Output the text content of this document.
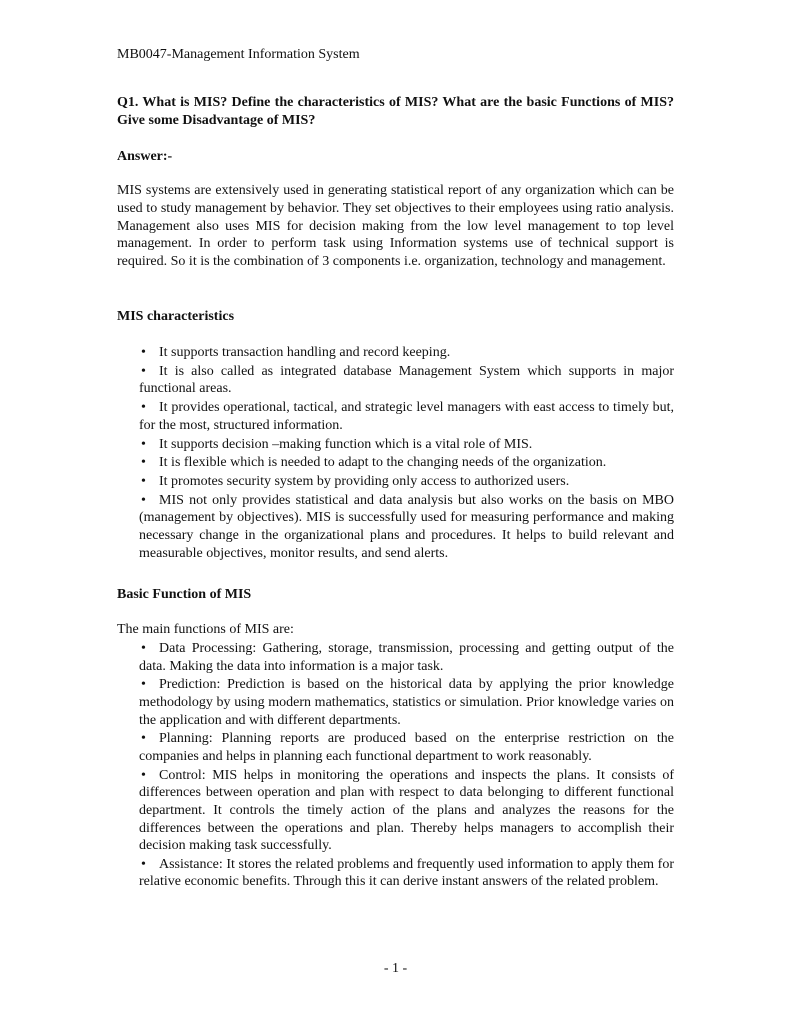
MB0047-Management Information System
Q1. What is MIS? Define the characteristics of MIS? What are the basic Functions of MIS? Give some Disadvantage of MIS?
Answer:-

MIS systems are extensively used in generating statistical report of any organization which can be used to study management by behavior. They set objectives to their employees using ratio analysis. Management also uses MIS for decision making from the low level management to top level management. In order to perform task using Information systems use of technical support is required. So it is the combination of 3 components i.e. organization, technology and management.

MIS characteristics
• It supports transaction handling and record keeping.
• It is also called as integrated database Management System which supports in major functional areas.
• It provides operational, tactical, and strategic level managers with east access to timely but, for the most, structured information.
• It supports decision –making function which is a vital role of MIS.
• It is flexible which is needed to adapt to the changing needs of the organization.
• It promotes security system by providing only access to authorized users.
• MIS not only provides statistical and data analysis but also works on the basis on MBO (management by objectives). MIS is successfully used for measuring performance and making necessary change in the organizational plans and procedures. It helps to build relevant and measurable objectives, monitor results, and send alerts.
Basic Function of MIS
The main functions of MIS are:
• Data Processing: Gathering, storage, transmission, processing and getting output of the data. Making the data into information is a major task.
• Prediction: Prediction is based on the historical data by applying the prior knowledge methodology by using modern mathematics, statistics or simulation. Prior knowledge varies on the application and with different departments.
• Planning: Planning reports are produced based on the enterprise restriction on the companies and helps in planning each functional department to work reasonably.
• Control: MIS helps in monitoring the operations and inspects the plans. It consists of differences between operation and plan with respect to data belonging to different functional department. It controls the timely action of the plans and analyzes the reasons for the differences between the operations and plan. Thereby helps managers to accomplish their decision making task successfully.
• Assistance: It stores the related problems and frequently used information to apply them for relative economic benefits. Through this it can derive instant answers of the related problem.
- 1 -
